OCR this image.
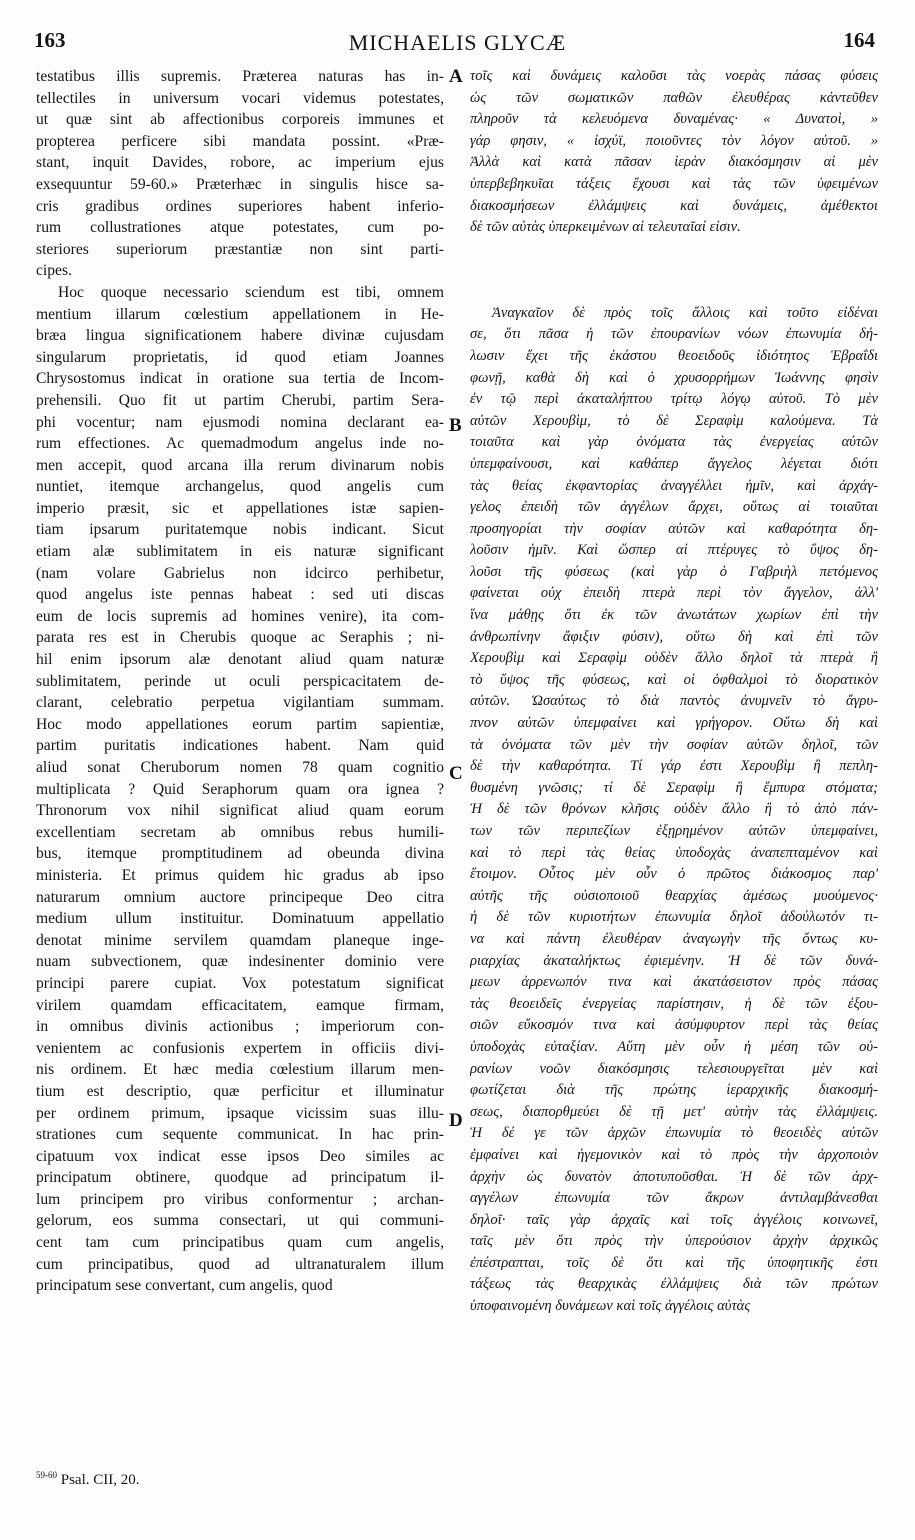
163	MICHAELIS GLYCÆ	164

testatibus illis supremis. Præterea naturas has in-
tellectiles in universum vocari videmus potestates,
ut quæ sint ab affectionibus corporeis immunes et
propterea perficere sibi mandata possint. «Præ-
stant, inquit Davides, robore, ac imperium ejus
exsequuntur 59-60.» Præterhæc in singulis hisce sa-
cris gradibus ordines superiores habent inferio-
rum collustrationes atque potestates, cum po-
steriores superiorum præstantiæ non sint parti-
cipes.

Hoc quoque necessario sciendum est tibi, omnem
mentium illarum cœlestium appellationem in He-
bræa lingua significationem habere divinæ cujusdam
singularum proprietatis, id quod etiam Joannes
Chrysostomus indicat in oratione sua tertia de Incom-
prehensili. Quo fit ut partim Cherubi, partim Sera-
phi vocentur; nam ejusmodi nomina declarant ea-
rum effectiones. Ac quemadmodum angelus inde no-
men accepit, quod arcana illa rerum divinarum nobis
nuntiet, itemque archangelus, quod angelis cum
imperio præsit, sic et appellationes istæ sapien-
tiam ipsarum puritatemque nobis indicant. Sicut
etiam alæ sublimitatem in eis naturæ significant
(nam volare Gabrielus non idcirco perhibetur,
quod angelus iste pennas habeat : sed uti discas
eum de locis supremis ad homines venire), ita com-
parata res est in Cherubis quoque ac Seraphis ; ni-
hil enim ipsorum alæ denotant aliud quam naturæ
sublimitatem, perinde ut oculi perspicacitatem de-
clarant, celebratio perpetua vigilantiam summam.
Hoc modo appellationes eorum partim sapientiæ,
partim puritatis indicationes habent. Nam quid
aliud sonat Cheruborum nomen 78 quam cognitio
multiplicata ? Quid Seraphorum quam ora ignea ?
Thronorum vox nihil significat aliud quam eorum
excellentiam secretam ab omnibus rebus humili-
bus, itemque promptitudinem ad obeunda divina
ministeria. Et primus quidem hic gradus ab ipso
naturarum omnium auctore principeque Deo citra
medium ullum instituitur. Dominatuum appellatio
denotat minime servilem quamdam planeque inge-
nuam subvectionem, quæ indesinenter dominio vere
principi parere cupiat. Vox potestatum significat
virilem quamdam efficacitatem, eamque firmam,
in omnibus divinis actionibus ; imperiorum con-
venientem ac confusionis expertem in officiis divi-
nis ordinem. Et hæc media cœlestium illarum men-
tium est descriptio, quæ perficitur et illuminatur
per ordinem primum, ipsaque vicissim suas illu-
strationes cum sequente communicat. In hac prin-
cipatuum vox indicat esse ipsos Deo similes ac
principatum obtinere, quodque ad principatum il-
lum principem pro viribus conformentur ; archan-
gelorum, eos summa consectari, ut qui communi-
cent tam cum principatibus quam cum angelis,
cum principatibus, quod ad ultranaturalem illum
principatum sese convertant, cum angelis, quod

τοῖς καὶ δυνάμεις καλοῦσι τὰς νοερὰς πάσας φύσεις
ὡς τῶν σωματικῶν παθῶν ἐλευθέρας κἀντεῦθεν
πληροῦν τὰ κελευόμενα δυναμένας· « Δυνατοὶ, »
γάρ φησιν, « ἰσχύϊ, ποιοῦντες τὸν λόγον αὐτοῦ. »
Ἀλλὰ καὶ κατὰ πᾶσαν ἱερὰν διακόσμησιν αἱ μὲν
ὑπερβεβηκυῖαι τάξεις ἔχουσι καὶ τὰς τῶν ὑφειμένων
διακοσμήσεων ἐλλάμψεις καὶ δυνάμεις, ἀμέθεκτοι
δὲ τῶν αὐτὰς ὑπερκειμένων αἱ τελευταῖαί εἰσιν.

Ἀναγκαῖον δὲ πρὸς τοῖς ἄλλοις καὶ τοῦτο εἰδέναι
σε, ὅτι πᾶσα ἡ τῶν ἐπουρανίων νόων ἐπωνυμία δή-
λωσιν ἔχει τῆς ἑκάστου θεοειδοῦς ἰδιότητος Ἑβραΐδι
φωνῇ, καθὰ δὴ καὶ ὁ χρυσορρήμων Ἰωάννης φησὶν
ἐν τῷ περὶ ἀκαταλήπτου τρίτῳ λόγῳ αὐτοῦ. Τὸ μὲν
αὐτῶν Χερουβὶμ, τὸ δὲ Σεραφὶμ καλούμενα. Τὰ
τοιαῦτα καὶ γὰρ ὀνόματα τὰς ἐνεργείας αὐτῶν
ὑπεμφαίνουσι, καὶ καθάπερ ἄγγελος λέγεται διότι
τὰς θείας ἐκφαντορίας ἀναγγέλλει ἡμῖν, καὶ ἀρχάγ-
γελος ἐπειδὴ τῶν ἀγγέλων ἄρχει, οὕτως αἱ τοιαῦται
προσηγορίαι τὴν σοφίαν αὐτῶν καὶ καθαρότητα δη-
λοῦσιν ἡμῖν. Καὶ ὥσπερ αἱ πτέρυγες τὸ ὕψος δη-
λοῦσι τῆς φύσεως (καὶ γὰρ ὁ Γαβριὴλ πετόμενος
φαίνεται οὐχ ἐπειδὴ πτερὰ περὶ τὸν ἄγγελον, ἀλλ'
ἵνα μάθῃς ὅτι ἐκ τῶν ἀνωτάτων χωρίων ἐπὶ τὴν
ἀνθρωπίνην ἄφιξιν φύσιν), οὕτω δὴ καὶ ἐπὶ τῶν
Χερουβὶμ καὶ Σεραφὶμ οὐδὲν ἄλλο δηλοῖ τὰ πτερὰ ἢ
τὸ ὕψος τῆς φύσεως, καὶ οἱ ὀφθαλμοὶ τὸ διορατικὸν
αὐτῶν. Ὡσαύτως τὸ διὰ παντὸς ἀνυμνεῖν τὸ ἄγρυ-
πνον αὐτῶν ὑπεμφαίνει καὶ γρήγορον. Οὕτω δὴ καὶ
τὰ ὀνόματα τῶν μὲν τὴν σοφίαν αὐτῶν δηλοῖ, τῶν
δὲ τὴν καθαρότητα. Τί γάρ ἐστι Χερουβὶμ ἢ πεπλη-
θυσμένη γνῶσις; τί δὲ Σεραφὶμ ἢ ἔμπυρα στόματα;
Ἡ δὲ τῶν θρόνων κλῆσις οὐδὲν ἄλλο ἢ τὸ ἀπὸ πάν-
των τῶν περιπεζίων ἐξῃρημένον αὐτῶν ὑπεμφαίνει,
καὶ τὸ περὶ τὰς θείας ὑποδοχὰς ἀναπεπταμένον καὶ
ἕτοιμον. Οὗτος μὲν οὖν ὁ πρῶτος διάκοσμος παρ'
αὐτῆς τῆς οὐσιοποιοῦ θεαρχίας ἀμέσως μυούμενος·
ἡ δὲ τῶν κυριοτήτων ἐπωνυμία δηλοῖ ἀδούλωτόν τι-
να καὶ πάντη ἐλευθέραν ἀναγωγὴν τῆς ὄντως κυ-
ριαρχίας ἀκαταλήκτως ἐφιεμένην. Ἡ δὲ τῶν δυνά-
μεων ἀρρενωπόν τινα καὶ ἀκατάσειστον πρὸς πάσας
τὰς θεοειδεῖς ἐνεργείας παρίστησιν, ἡ δὲ τῶν ἐξου-
σιῶν εὔκοσμόν τινα καὶ ἀσύμφυρτον περὶ τὰς θείας
ὑποδοχὰς εὐταξίαν. Αὕτη μὲν οὖν ἡ μέση τῶν οὐ-
ρανίων νοῶν διακόσμησις τελεσιουργεῖται μὲν καὶ
φωτίζεται διὰ τῆς πρώτης ἱεραρχικῆς διακοσμή-
σεως, διαπορθμεύει δὲ τῇ μετ' αὐτὴν τὰς ἐλλάμψεις.
Ἡ δέ γε τῶν ἀρχῶν ἐπωνυμία τὸ θεοειδὲς αὐτῶν
ἐμφαίνει καὶ ἡγεμονικὸν καὶ τὸ πρὸς τὴν ἀρχοποιὸν
ἀρχὴν ὡς δυνατὸν ἀποτυποῦσθαι. Ἡ δὲ τῶν ἀρχ-
αγγέλων ἐπωνυμία τῶν ἄκρων ἀντιλαμβάνεσθαι
δηλοῖ· ταῖς γὰρ ἀρχαῖς καὶ τοῖς ἀγγέλοις κοινωνεῖ,
ταῖς μὲν ὅτι πρὸς τὴν ὑπερούσιον ἀρχὴν ἀρχικῶς
ἐπέστραπται, τοῖς δὲ ὅτι καὶ τῆς ὑποφητικῆς ἐστι
τάξεως τὰς θεαρχικὰς ἐλλάμψεις διὰ τῶν πρώτων
ὑποφαινομένη δυνάμεων καὶ τοῖς ἀγγέλοις αὐτὰς

A
B
C
D
$^{59-60}$ Psal. CII, 20.
